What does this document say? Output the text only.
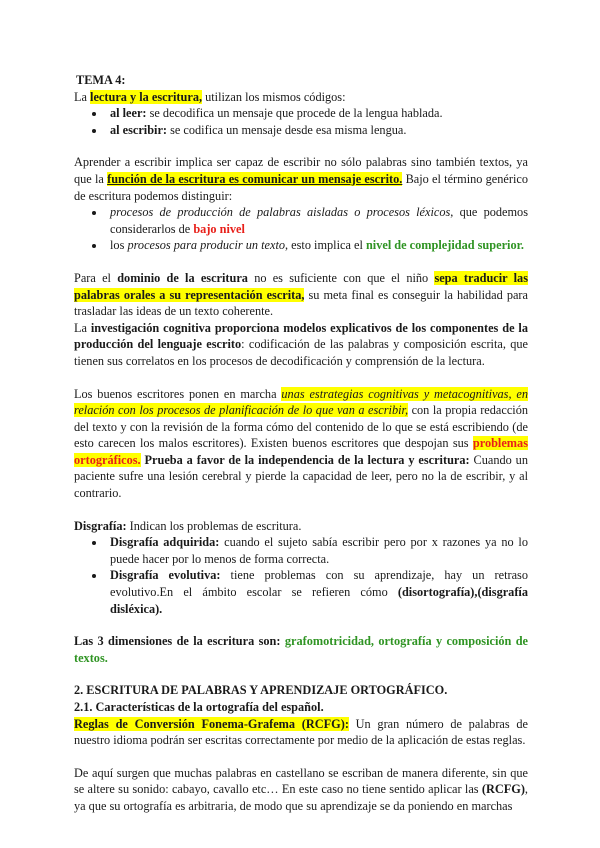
TEMA 4:

La lectura y la escritura, utilizan los mismos códigos:

• al leer: se decodifica un mensaje que procede de la lengua hablada.
• al escribir: se codifica un mensaje desde esa misma lengua.

Aprender a escribir implica ser capaz de escribir no sólo palabras sino también textos, ya que la función de la escritura es comunicar un mensaje escrito. Bajo el término genérico de escritura podemos distinguir:

• procesos de producción de palabras aisladas o procesos léxicos, que podemos considerarlos de bajo nivel
• los procesos para producir un texto, esto implica el nivel de complejidad superior.

Para el dominio de la escritura no es suficiente con que el niño sepa traducir las palabras orales a su representación escrita, su meta final es conseguir la habilidad para trasladar las ideas de un texto coherente.

La investigación cognitiva proporciona modelos explicativos de los componentes de la producción del lenguaje escrito: codificación de las palabras y composición escrita, que tienen sus correlatos en los procesos de decodificación y comprensión de la lectura.

Los buenos escritores ponen en marcha unas estrategias cognitivas y metacognitivas, en relación con los procesos de planificación de lo que van a escribir, con la propia redacción del texto y con la revisión de la forma cómo del contenido de lo que se está escribiendo (de esto carecen los malos escritores). Existen buenos escritores que despojan sus problemas ortográficos. Prueba a favor de la independencia de la lectura y escritura: Cuando un paciente sufre una lesión cerebral y pierde la capacidad de leer, pero no la de escribir, y al contrario.

Disgrafía: Indican los problemas de escritura.

• Disgrafía adquirida: cuando el sujeto sabía escribir pero por x razones ya no lo puede hacer por lo menos de forma correcta.
• Disgrafía evolutiva: tiene problemas con su aprendizaje, hay un retraso evolutivo.En el ámbito escolar se refieren cómo (disortografía),(disgrafía disléxica).

Las 3 dimensiones de la escritura son: grafomotricidad, ortografía y composición de textos.

2. ESCRITURA DE PALABRAS Y APRENDIZAJE ORTOGRÁFICO.

2.1. Características de la ortografía del español.

Reglas de Conversión Fonema-Grafema (RCFG): Un gran número de palabras de nuestro idioma podrán ser escritas correctamente por medio de la aplicación de estas reglas.

De aquí surgen que muchas palabras en castellano se escriban de manera diferente, sin que se altere su sonido: cabayo, cavallo etc… En este caso no tiene sentido aplicar las (RCFG), ya que su ortografía es arbitraria, de modo que su aprendizaje se da poniendo en marchas
